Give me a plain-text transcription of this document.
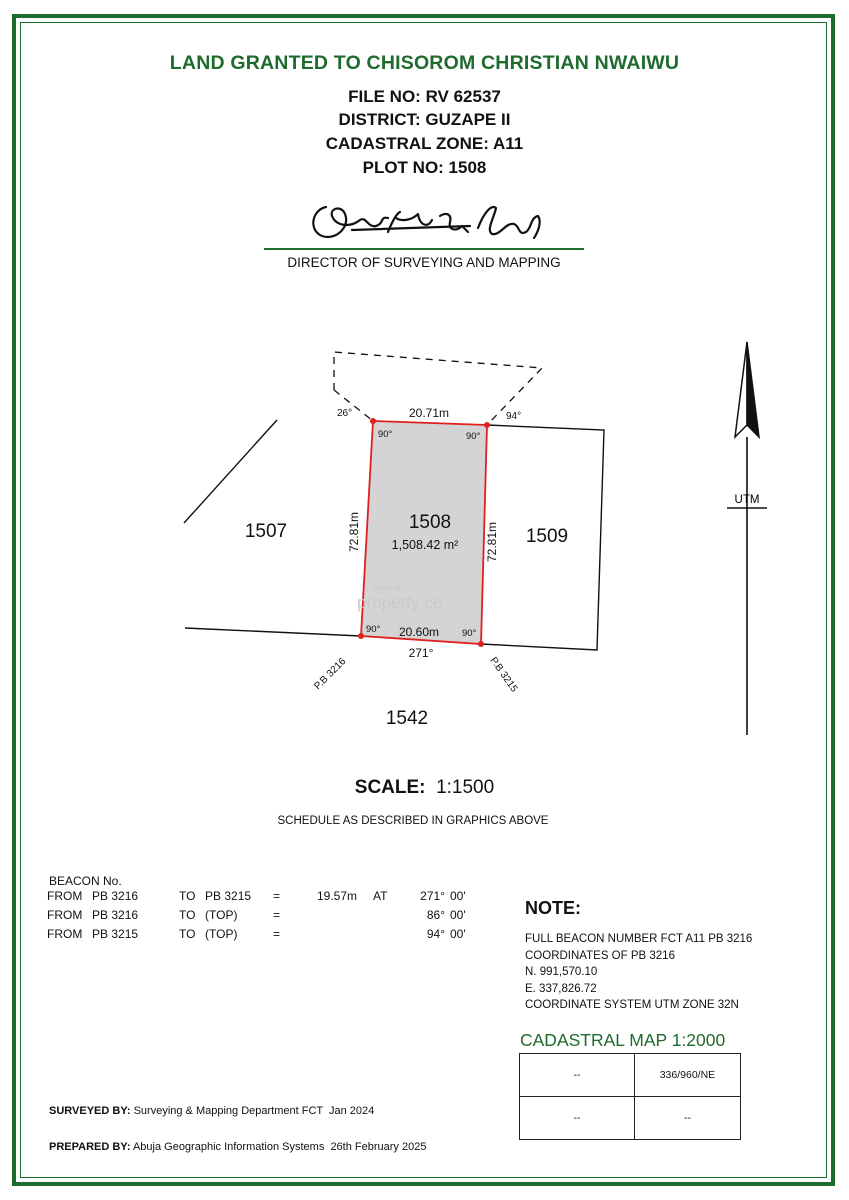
LAND GRANTED TO CHISOROM CHRISTIAN NWAIWU
FILE NO: RV 62537
DISTRICT: GUZAPE II
CADASTRAL ZONE: A11
PLOT NO: 1508
1508
1,508.42 m²
1507	1509
1542
20.71m
20.60m
72.81m	72.81m
26°	94°
90°	90°
90°	90°
271°
P.B 3216	P.B 3215
UTM
DIRECTOR OF SURVEYING AND MAPPING
Nigeria
property ce
SCALE: 1:1500
SCHEDULE AS DESCRIBED IN GRAPHICS ABOVE
BEACON No.
FROM	PB 3216	TO	PB 3215	=	19.57m	AT	271°	00'
FROM	PB 3216	TO	(TOP)	=			86°	00'
FROM	PB 3215	TO	(TOP)	=			94°	00'
NOTE:
FULL BEACON NUMBER FCT A11 PB 3216
COORDINATES OF PB 3216
N. 991,570.10
E. 337,826.72
COORDINATE SYSTEM UTM ZONE 32N
CADASTRAL MAP 1:2000
--	336/960/NE
--	--
SURVEYED BY: Surveying & Mapping Department FCT  Jan 2024
PREPARED BY: Abuja Geographic Information Systems  26th February 2025
